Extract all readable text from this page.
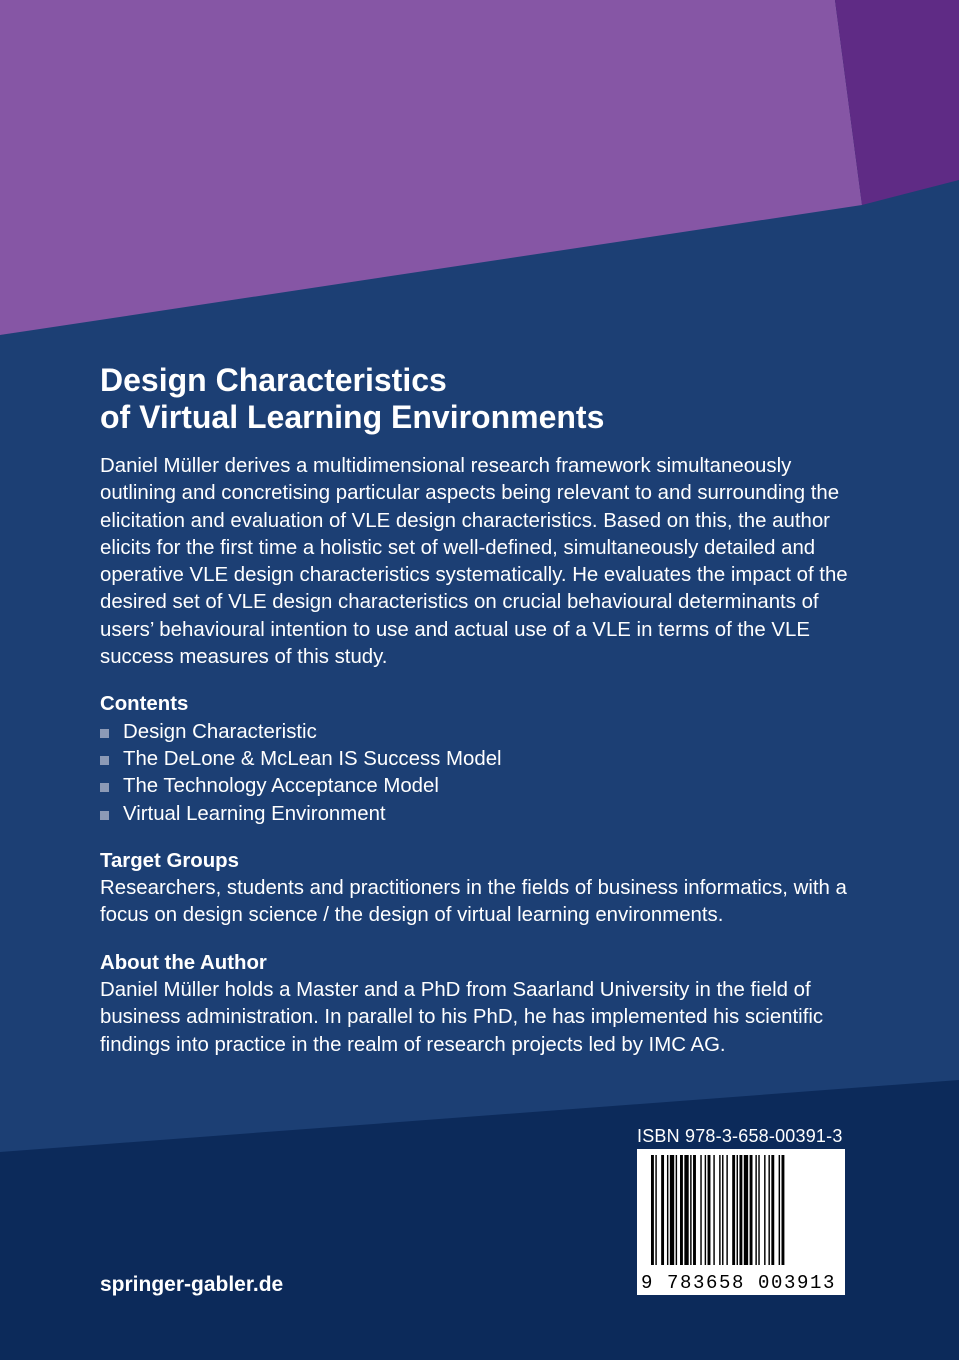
Design Characteristics
of Virtual Learning Environments

Daniel Müller derives a multidimensional research framework simultaneously outlining and concretising particular aspects being relevant to and surrounding the elicitation and evaluation of VLE design characteristics. Based on this, the author elicits for the first time a holistic set of well-defined, simultaneously detailed and operative VLE design characteristics systematically. He evaluates the impact of the desired set of VLE design characteristics on crucial behavioural determinants of users’ behavioural intention to use and actual use of a VLE in terms of the VLE success measures of this study.

Contents
Design Characteristic
The DeLone & McLean IS Success Model
The Technology Acceptance Model
Virtual Learning Environment
Target Groups

Researchers, students and practitioners in the fields of business informatics, with a focus on design science / the design of virtual learning environments.

About the Author

Daniel Müller holds a Master and a PhD from Saarland University in the field of business administration. In parallel to his PhD, he has implemented his scientific findings into practice in the realm of research projects led by IMC AG.

ISBN 978-3-658-00391-3
9 783658 003913
springer-gabler.de
